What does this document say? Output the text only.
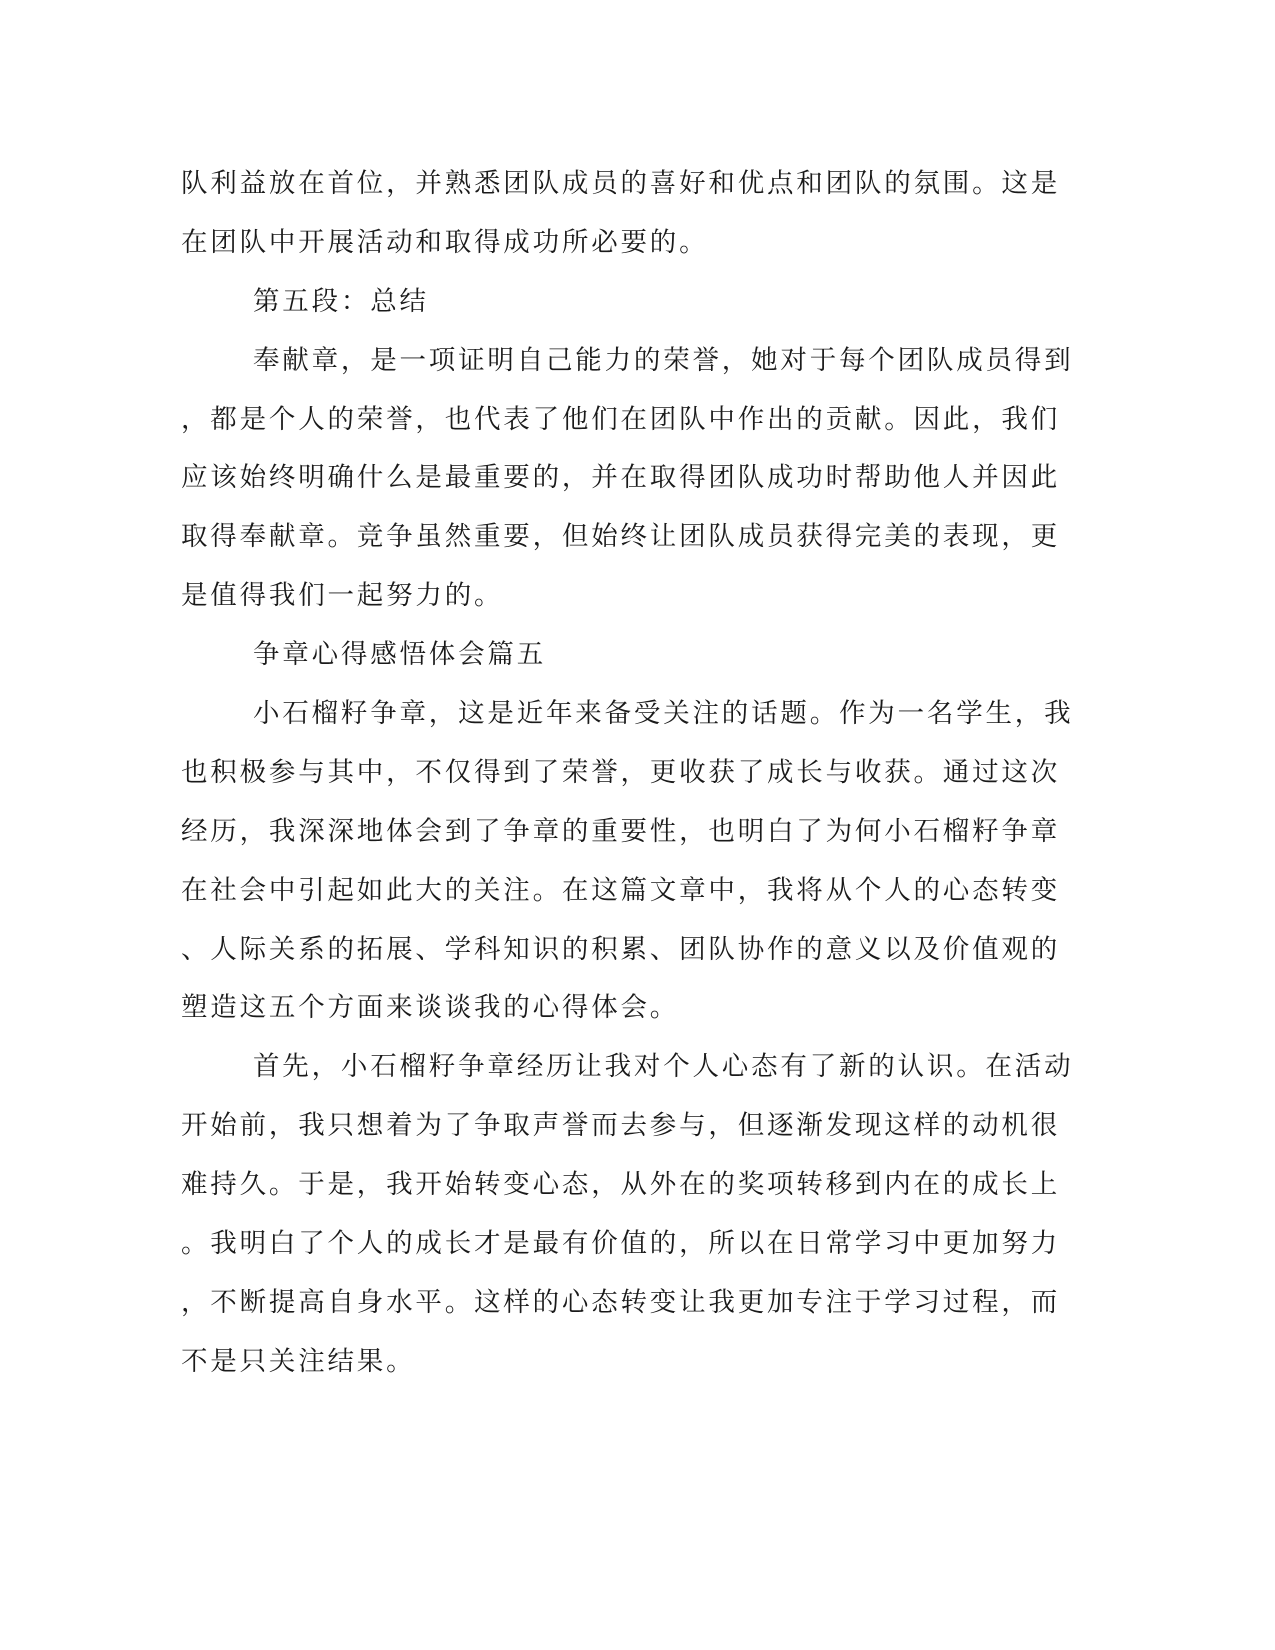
队利益放在首位，并熟悉团队成员的喜好和优点和团队的氛围。这是
在团队中开展活动和取得成功所必要的。
第五段：总结
奉献章，是一项证明自己能力的荣誉，她对于每个团队成员得到
，都是个人的荣誉，也代表了他们在团队中作出的贡献。因此，我们
应该始终明确什么是最重要的，并在取得团队成功时帮助他人并因此
取得奉献章。竞争虽然重要，但始终让团队成员获得完美的表现，更
是值得我们一起努力的。
争章心得感悟体会篇五
小石榴籽争章，这是近年来备受关注的话题。作为一名学生，我
也积极参与其中，不仅得到了荣誉，更收获了成长与收获。通过这次
经历，我深深地体会到了争章的重要性，也明白了为何小石榴籽争章
在社会中引起如此大的关注。在这篇文章中，我将从个人的心态转变
、人际关系的拓展、学科知识的积累、团队协作的意义以及价值观的
塑造这五个方面来谈谈我的心得体会。
首先，小石榴籽争章经历让我对个人心态有了新的认识。在活动
开始前，我只想着为了争取声誉而去参与，但逐渐发现这样的动机很
难持久。于是，我开始转变心态，从外在的奖项转移到内在的成长上
。我明白了个人的成长才是最有价值的，所以在日常学习中更加努力
，不断提高自身水平。这样的心态转变让我更加专注于学习过程，而
不是只关注结果。
